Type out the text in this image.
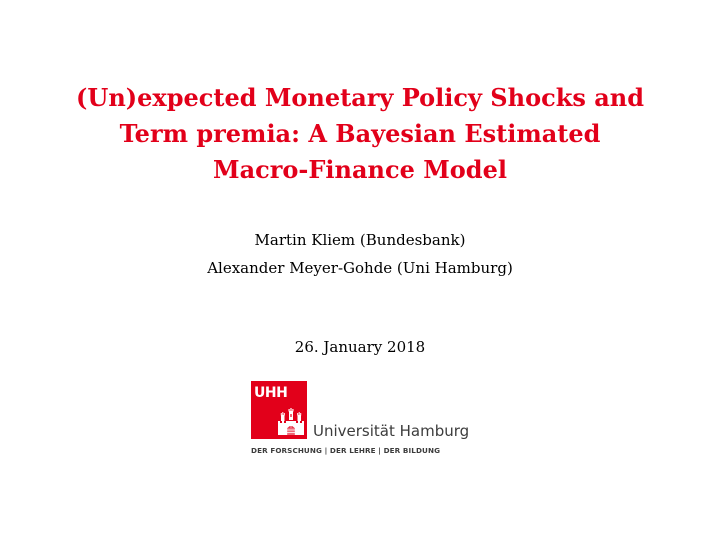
(Un)expected Monetary Policy Shocks and
Term premia: A Bayesian Estimated
Macro-Finance Model
Martin Kliem (Bundesbank)
Alexander Meyer-Gohde (Uni Hamburg)
26. January 2018
UHH
Universität Hamburg
DER FORSCHUNG | DER LEHRE | DER BILDUNG
